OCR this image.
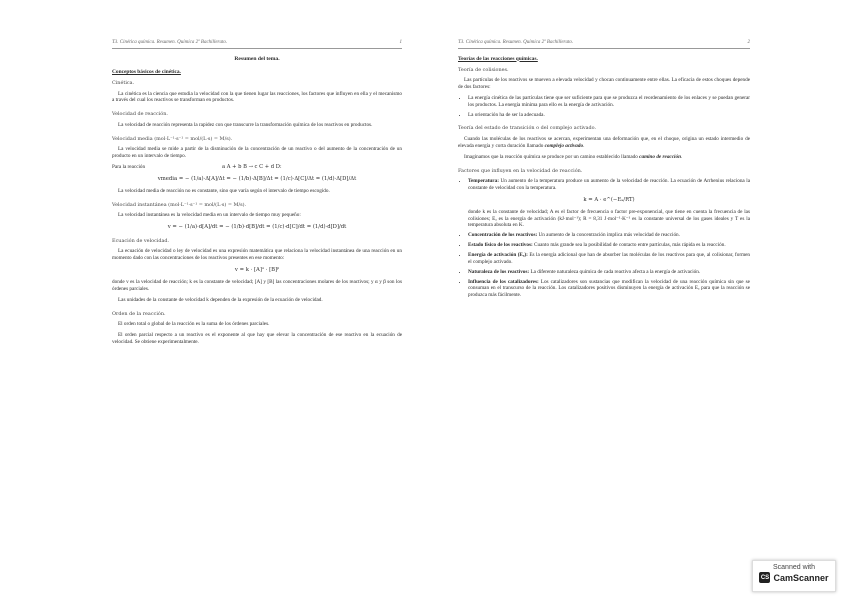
T3. Cinética química. Resumen. Química 2º Bachillerato.	1
Resumen del tema.
Conceptos básicos de cinética.
Cinética.

La cinética es la ciencia que estudia la velocidad con la que tienen lugar las reacciones, los factores que influyen en ella y el mecanismo a través del cual los reactivos se transforman en productos.

Velocidad de reacción.

La velocidad de reacción representa la rapidez con que transcurre la transformación química de los reactivos en productos.

Velocidad media (mol·L⁻¹·s⁻¹ = mol/(L·s) = M/s).

La velocidad media se mide a partir de la disminución de la concentración de un reactivo o del aumento de la concentración de un producto en un intervalo de tiempo.

Para la reacción	a A + b B → c C + d D:
vmedia = − (1/a)·Δ[A]/Δt = − (1/b)·Δ[B]/Δt = (1/c)·Δ[C]/Δt = (1/d)·Δ[D]/Δt

La velocidad media de reacción no es constante, sino que varía según el intervalo de tiempo escogido.

Velocidad instantánea (mol·L⁻¹·s⁻¹ = mol/(L·s) = M/s).

La velocidad instantánea es la velocidad media en un intervalo de tiempo muy pequeño:

v = − (1/a)·d[A]/dt = − (1/b)·d[B]/dt = (1/c)·d[C]/dt = (1/d)·d[D]/dt
Ecuación de velocidad.

La ecuación de velocidad o ley de velocidad es una expresión matemática que relaciona la velocidad instantánea de una reacción en un momento dado con las concentraciones de los reactivos presentes en ese momento:

v = k · [A]ᵅ · [B]ᵝ

donde v es la velocidad de reacción; k es la constante de velocidad; [A] y [B] las concentraciones molares de los reactivos; y α y β son los órdenes parciales.

Las unidades de la constante de velocidad k dependen de la expresión de la ecuación de velocidad.

Orden de la reacción.

El orden total o global de la reacción es la suma de los órdenes parciales.

El orden parcial respecto a un reactivo es el exponente al que hay que elevar la concentración de ese reactivo en la ecuación de velocidad. Se obtiene experimentalmente.

T3. Cinética química. Resumen. Química 2º Bachillerato.	2
Teorías de las reacciones químicas.
Teoría de colisiones.

Las partículas de los reactivos se mueven a elevada velocidad y chocan continuamente entre ellas. La eficacia de estos choques depende de dos factores:

• La energía cinética de las partículas tiene que ser suficiente para que se produzca el reordenamiento de los enlaces y se puedan generar los productos. La energía mínima para ello es la energía de activación.
• La orientación ha de ser la adecuada.
Teoría del estado de transición o del complejo activado.

Cuando las moléculas de los reactivos se acercan, experimentan una deformación que, en el choque, origina un estado intermedio de elevada energía y corta duración llamado complejo activado.

Imaginamos que la reacción química se produce por un camino establecido llamado camino de reacción.

Factores que influyen en la velocidad de reacción.
• Temperatura: Un aumento de la temperatura produce un aumento de la velocidad de reacción. La ecuación de Arrhenius relaciona la constante de velocidad con la temperatura.
k = A · e^(−Eₐ/RT)
donde k es la constante de velocidad; A es el factor de frecuencia o factor pre-exponencial, que tiene en cuenta la frecuencia de las colisiones; Eₐ es la energía de activación (kJ·mol⁻¹); R = 8,31 J·mol⁻¹·K⁻¹ es la constante universal de los gases ideales y T es la temperatura absoluta en K.
• Concentración de los reactivos: Un aumento de la concentración implica más velocidad de reacción.
• Estado físico de los reactivos: Cuanto más grande sea la posibilidad de contacto entre partículas, más rápida es la reacción.
• Energía de activación (Eₐ): Es la energía adicional que han de absorber las moléculas de los reactivos para que, al colisionar, formen el complejo activado.
• Naturaleza de los reactivos: La diferente naturaleza química de cada reactivo afecta a la energía de activación.
• Influencia de los catalizadores: Los catalizadores son sustancias que modifican la velocidad de una reacción química sin que se consuman en el transcurso de la reacción. Los catalizadores positivos disminuyen la energía de activación Eₐ para que la reacción se produzca más fácilmente.
Scanned with
CS CamScanner
